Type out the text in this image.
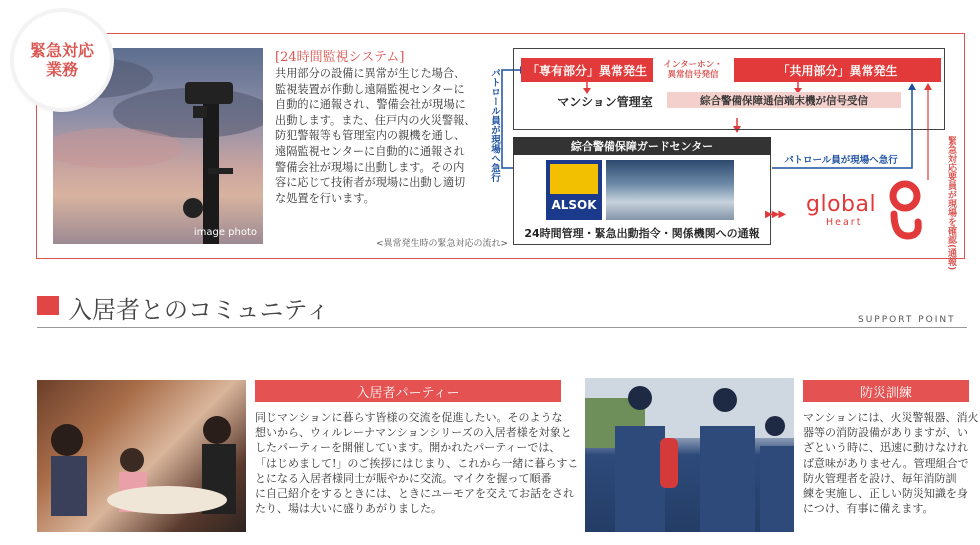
image photo
緊急対応
業務
[24時間監視システム]
共用部分の設備に異常が生じた場合、
監視装置が作動し遠隔監視センターに
自動的に通報され、警備会社が現場に
出動します。また、住戸内の火災警報、
防犯警報等も管理室内の親機を通し、
遠隔監視センターに自動的に通報され
警備会社が現場に出動します。その内
容に応じて技術者が現場に出動し適切
な処置を行います。
<異常発生時の緊急対応の流れ>
「専有部分」異常発生	インターホン・
異常信号発信	「共用部分」異常発生
マンション管理室	綜合警備保障通信端末機が信号受信
綜合警備保障ガードセンター
ALSOK
24時間管理・緊急出動指令・関係機関への通報
パトロール員が現場へ急行
パトロール員が現場へ急行
緊急対応要員が現場を確認(通報)
▶▶▶ global
Heart
入居者とのコミュニティ	SUPPORT POINT
入居者パーティー
同じマンションに暮らす皆様の交流を促進したい。そのような
想いから、ウィルレーナマンションシリーズの入居者様を対象と
したパーティーを開催しています。開かれたパーティーでは、
「はじめまして!」のご挨拶にはじまり、これから一緒に暮らすこ
とになる入居者様同士が賑やかに交流。マイクを握って順番
に自己紹介をするときには、ときにユーモアを交えてお話をされ
たり、場は大いに盛りあがりました。
防災訓練
マンションには、火災警報器、消火
器等の消防設備がありますが、い
ざという時に、迅速に動けなけれ
ば意味がありません。管理組合で
防火管理者を設け、毎年消防訓
練を実施し、正しい防災知識を身
につけ、有事に備えます。
